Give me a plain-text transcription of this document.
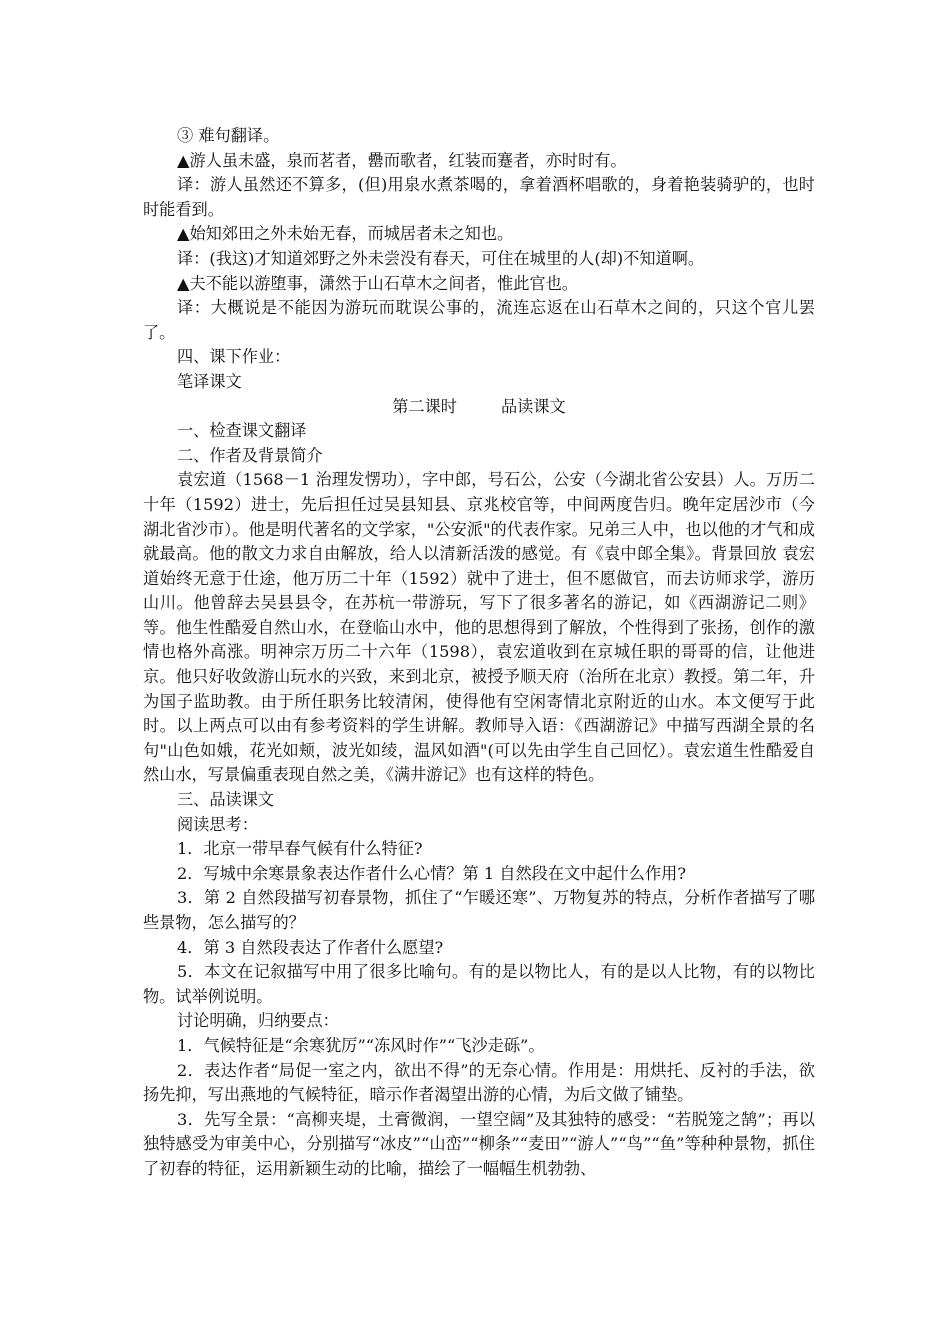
③ 难句翻译。

▲游人虽未盛，泉而茗者，罍而歌者，红装而蹇者，亦时时有。

译：游人虽然还不算多，(但)用泉水煮茶喝的，拿着酒杯唱歌的，身着艳装骑驴的，也时时能看到。

▲始知郊田之外未始无春，而城居者未之知也。

译：(我这)才知道郊野之外未尝没有春天，可住在城里的人(却)不知道啊。

▲夫不能以游堕事，潇然于山石草木之间者，惟此官也。

译：大概说是不能因为游玩而耽误公事的，流连忘返在山石草木之间的，只这个官儿罢了。

四、课下作业：

笔译课文

第二课时	品读课文

一、检查课文翻译

二、作者及背景简介

袁宏道（1568－1 治理发愣功），字中郎，号石公，公安（今湖北省公安县）人。万历二十年（1592）进士，先后担任过吴县知县、京兆校官等，中间两度告归。晚年定居沙市（今湖北省沙市）。他是明代著名的文学家，"公安派"的代表作家。兄弟三人中，也以他的才气和成就最高。他的散文力求自由解放，给人以清新活泼的感觉。有《袁中郎全集》。背景回放 袁宏道始终无意于仕途，他万历二十年（1592）就中了进士，但不愿做官，而去访师求学，游历山川。他曾辞去吴县县令，在苏杭一带游玩，写下了很多著名的游记，如《西湖游记二则》等。他生性酷爱自然山水，在登临山水中，他的思想得到了解放，个性得到了张扬，创作的激情也格外高涨。明神宗万历二十六年（1598），袁宏道收到在京城任职的哥哥的信，让他进京。他只好收敛游山玩水的兴致，来到北京，被授予顺天府（治所在北京）教授。第二年，升为国子监助教。由于所任职务比较清闲，使得他有空闲寄情北京附近的山水。本文便写于此时。以上两点可以由有参考资料的学生讲解。教师导入语：《西湖游记》中描写西湖全景的名句"山色如娥，花光如颊，波光如绫，温风如酒"(可以先由学生自己回忆）。袁宏道生性酷爱自然山水，写景偏重表现自然之美，《满井游记》也有这样的特色。

三、品读课文

阅读思考：

1．北京一带早春气候有什么特征?

2．写城中余寒景象表达作者什么心情？第 1 自然段在文中起什么作用?

3．第 2 自然段描写初春景物，抓住了“乍暖还寒”、万物复苏的特点，分析作者描写了哪些景物，怎么描写的？

4．第 3 自然段表达了作者什么愿望?

5．本文在记叙描写中用了很多比喻句。有的是以物比人，有的是以人比物，有的以物比物。试举例说明。

讨论明确，归纳要点：

1．气候特征是“余寒犹厉”“冻风时作”“飞沙走砾”。

2．表达作者“局促一室之内，欲出不得”的无奈心情。作用是：用烘托、反衬的手法，欲扬先抑，写出燕地的气候特征，暗示作者渴望出游的心情，为后文做了铺垫。

3．先写全景：“高柳夹堤，土膏微润，一望空阔”及其独特的感受：“若脱笼之鹄”；再以独特感受为审美中心，分别描写“冰皮”“山峦”“柳条”“麦田”“游人”“鸟”“鱼”等种种景物，抓住了初春的特征，运用新颖生动的比喻，描绘了一幅幅生机勃勃、
